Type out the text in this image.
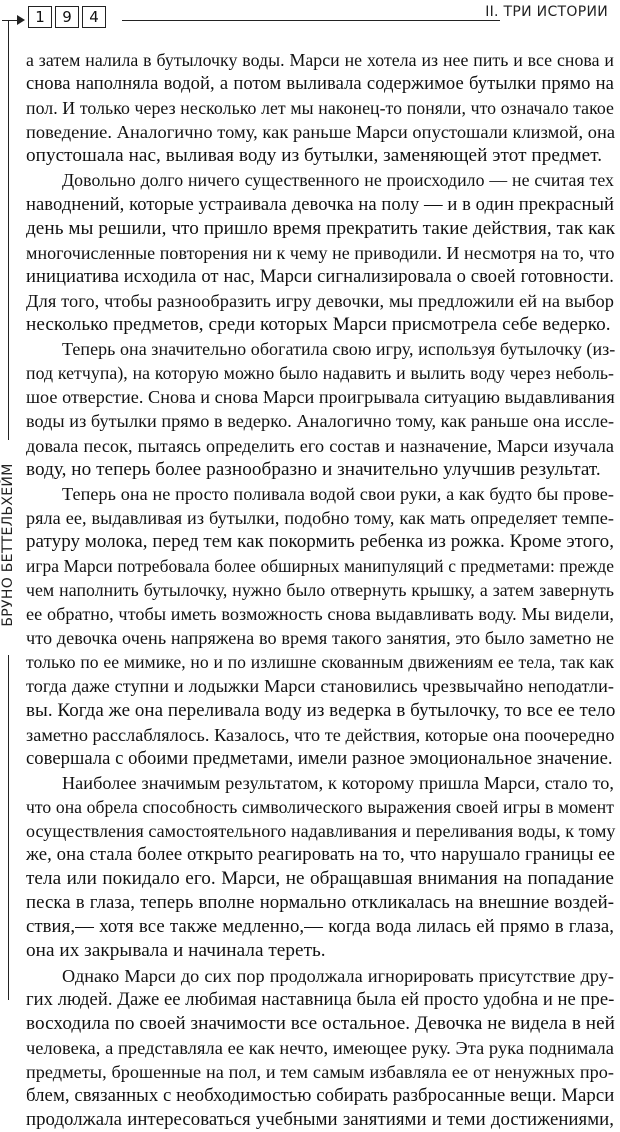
1	9	4	II. ТРИ ИСТОРИИ
БРУНО БЕТТЕЛЬХЕЙМ
а затем налила в бутылочку воды. Марси не хотела из нее пить и все снова и
снова наполняла водой, а потом выливала содержимое бутылки прямо на
пол. И только через несколько лет мы наконец-то поняли, что означало такое
поведение. Аналогично тому, как раньше Марси опустошали клизмой, она
опустошала нас, выливая воду из бутылки, заменяющей этот предмет.
Довольно долго ничего существенного не происходило — не считая тех
наводнений, которые устраивала девочка на полу — и в один прекрасный
день мы решили, что пришло время прекратить такие действия, так как
многочисленные повторения ни к чему не приводили. И несмотря на то, что
инициатива исходила от нас, Марси сигнализировала о своей готовности.
Для того, чтобы разнообразить игру девочки, мы предложили ей на выбор
несколько предметов, среди которых Марси присмотрела себе ведерко.
Теперь она значительно обогатила свою игру, используя бутылочку (из-
под кетчупа), на которую можно было надавить и вылить воду через неболь-
шое отверстие. Снова и снова Марси проигрывала ситуацию выдавливания
воды из бутылки прямо в ведерко. Аналогично тому, как раньше она иссле-
довала песок, пытаясь определить его состав и назначение, Марси изучала
воду, но теперь более разнообразно и значительно улучшив результат.
Теперь она не просто поливала водой свои руки, а как будто бы прове-
ряла ее, выдавливая из бутылки, подобно тому, как мать определяет темпе-
ратуру молока, перед тем как покормить ребенка из рожка. Кроме этого,
игра Марси потребовала более обширных манипуляций с предметами: прежде
чем наполнить бутылочку, нужно было отвернуть крышку, а затем завернуть
ее обратно, чтобы иметь возможность снова выдавливать воду. Мы видели,
что девочка очень напряжена во время такого занятия, это было заметно не
только по ее мимике, но и по излишне скованным движениям ее тела, так как
тогда даже ступни и лодыжки Марси становились чрезвычайно неподатли-
вы. Когда же она переливала воду из ведерка в бутылочку, то все ее тело
заметно расслаблялось. Казалось, что те действия, которые она поочередно
совершала с обоими предметами, имели разное эмоциональное значение.
Наиболее значимым результатом, к которому пришла Марси, стало то,
что она обрела способность символического выражения своей игры в момент
осуществления самостоятельного надавливания и переливания воды, к тому
же, она стала более открыто реагировать на то, что нарушало границы ее
тела или покидало его. Марси, не обращавшая внимания на попадание
песка в глаза, теперь вполне нормально откликалась на внешние воздей-
ствия,— хотя все также медленно,— когда вода лилась ей прямо в глаза,
она их закрывала и начинала тереть.
Однако Марси до сих пор продолжала игнорировать присутствие дру-
гих людей. Даже ее любимая наставница была ей просто удобна и не пре-
восходила по своей значимости все остальное. Девочка не видела в ней
человека, а представляла ее как нечто, имеющее руку. Эта рука поднимала
предметы, брошенные на пол, и тем самым избавляла ее от ненужных про-
блем, связанных с необходимостью собирать разбросанные вещи. Марси
продолжала интересоваться учебными занятиями и теми достижениями,
